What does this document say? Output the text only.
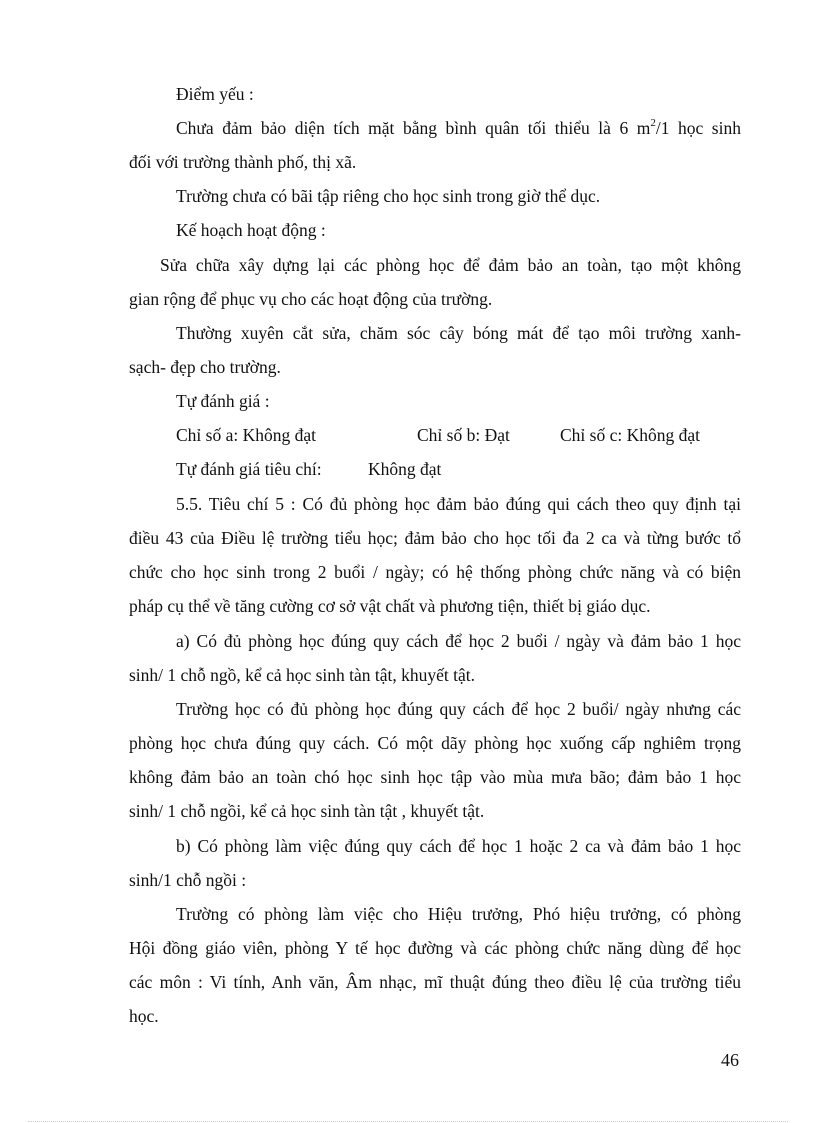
Điểm yếu :
Chưa đảm bảo diện tích mặt bằng bình quân tối thiểu là 6 $m^2/1$ học sinh
đối với trường thành phố, thị xã.
Trường chưa có bãi tập riêng cho học sinh trong giờ thể dục.
Kế hoạch hoạt động :
Sửa chữa xây dựng lại các phòng học để đảm bảo an toàn, tạo một không
gian rộng để phục vụ cho các hoạt động của trường.
Thường xuyên cắt sửa, chăm sóc cây bóng mát để tạo môi trường xanh-
sạch- đẹp cho trường.
Tự đánh giá :
Chỉ số a: Không đạt	Chỉ số b: Đạt	Chỉ số c: Không đạt
Tự đánh giá tiêu chí:	Không đạt
5.5. Tiêu chí 5 : Có đủ phòng học đảm bảo đúng qui cách theo quy định tại
điều 43 của Điều lệ trường tiểu học; đảm bảo cho học tối đa 2 ca và từng bước tổ
chức cho học sinh trong 2 buổi / ngày; có hệ thống phòng chức năng và có biện
pháp cụ thể về tăng cường cơ sở vật chất và phương tiện, thiết bị giáo dục.
a) Có đủ phòng học đúng quy cách để học 2 buổi / ngày và đảm bảo 1 học
sinh/ 1 chỗ ngồ, kể cả học sinh tàn tật, khuyết tật.
Trường học có đủ phòng học đúng quy cách để học 2 buổi/ ngày nhưng các
phòng học chưa đúng quy cách. Có một dãy phòng học xuống cấp nghiêm trọng
không đảm bảo an toàn chó học sinh học tập vào mùa mưa bão; đảm bảo 1 học
sinh/ 1 chỗ ngồi, kể cả học sinh tàn tật , khuyết tật.
b) Có phòng làm việc đúng quy cách để học 1 hoặc 2 ca và đảm bảo 1 học
sinh/1 chỗ ngồi :
Trường có phòng làm việc cho Hiệu trưởng, Phó hiệu trưởng, có phòng
Hội đồng giáo viên, phòng Y tế học đường và các phòng chức năng dùng để học
các môn : Vi tính, Anh văn, Âm nhạc, mĩ thuật đúng theo điều lệ của trường tiểu
học.
46
